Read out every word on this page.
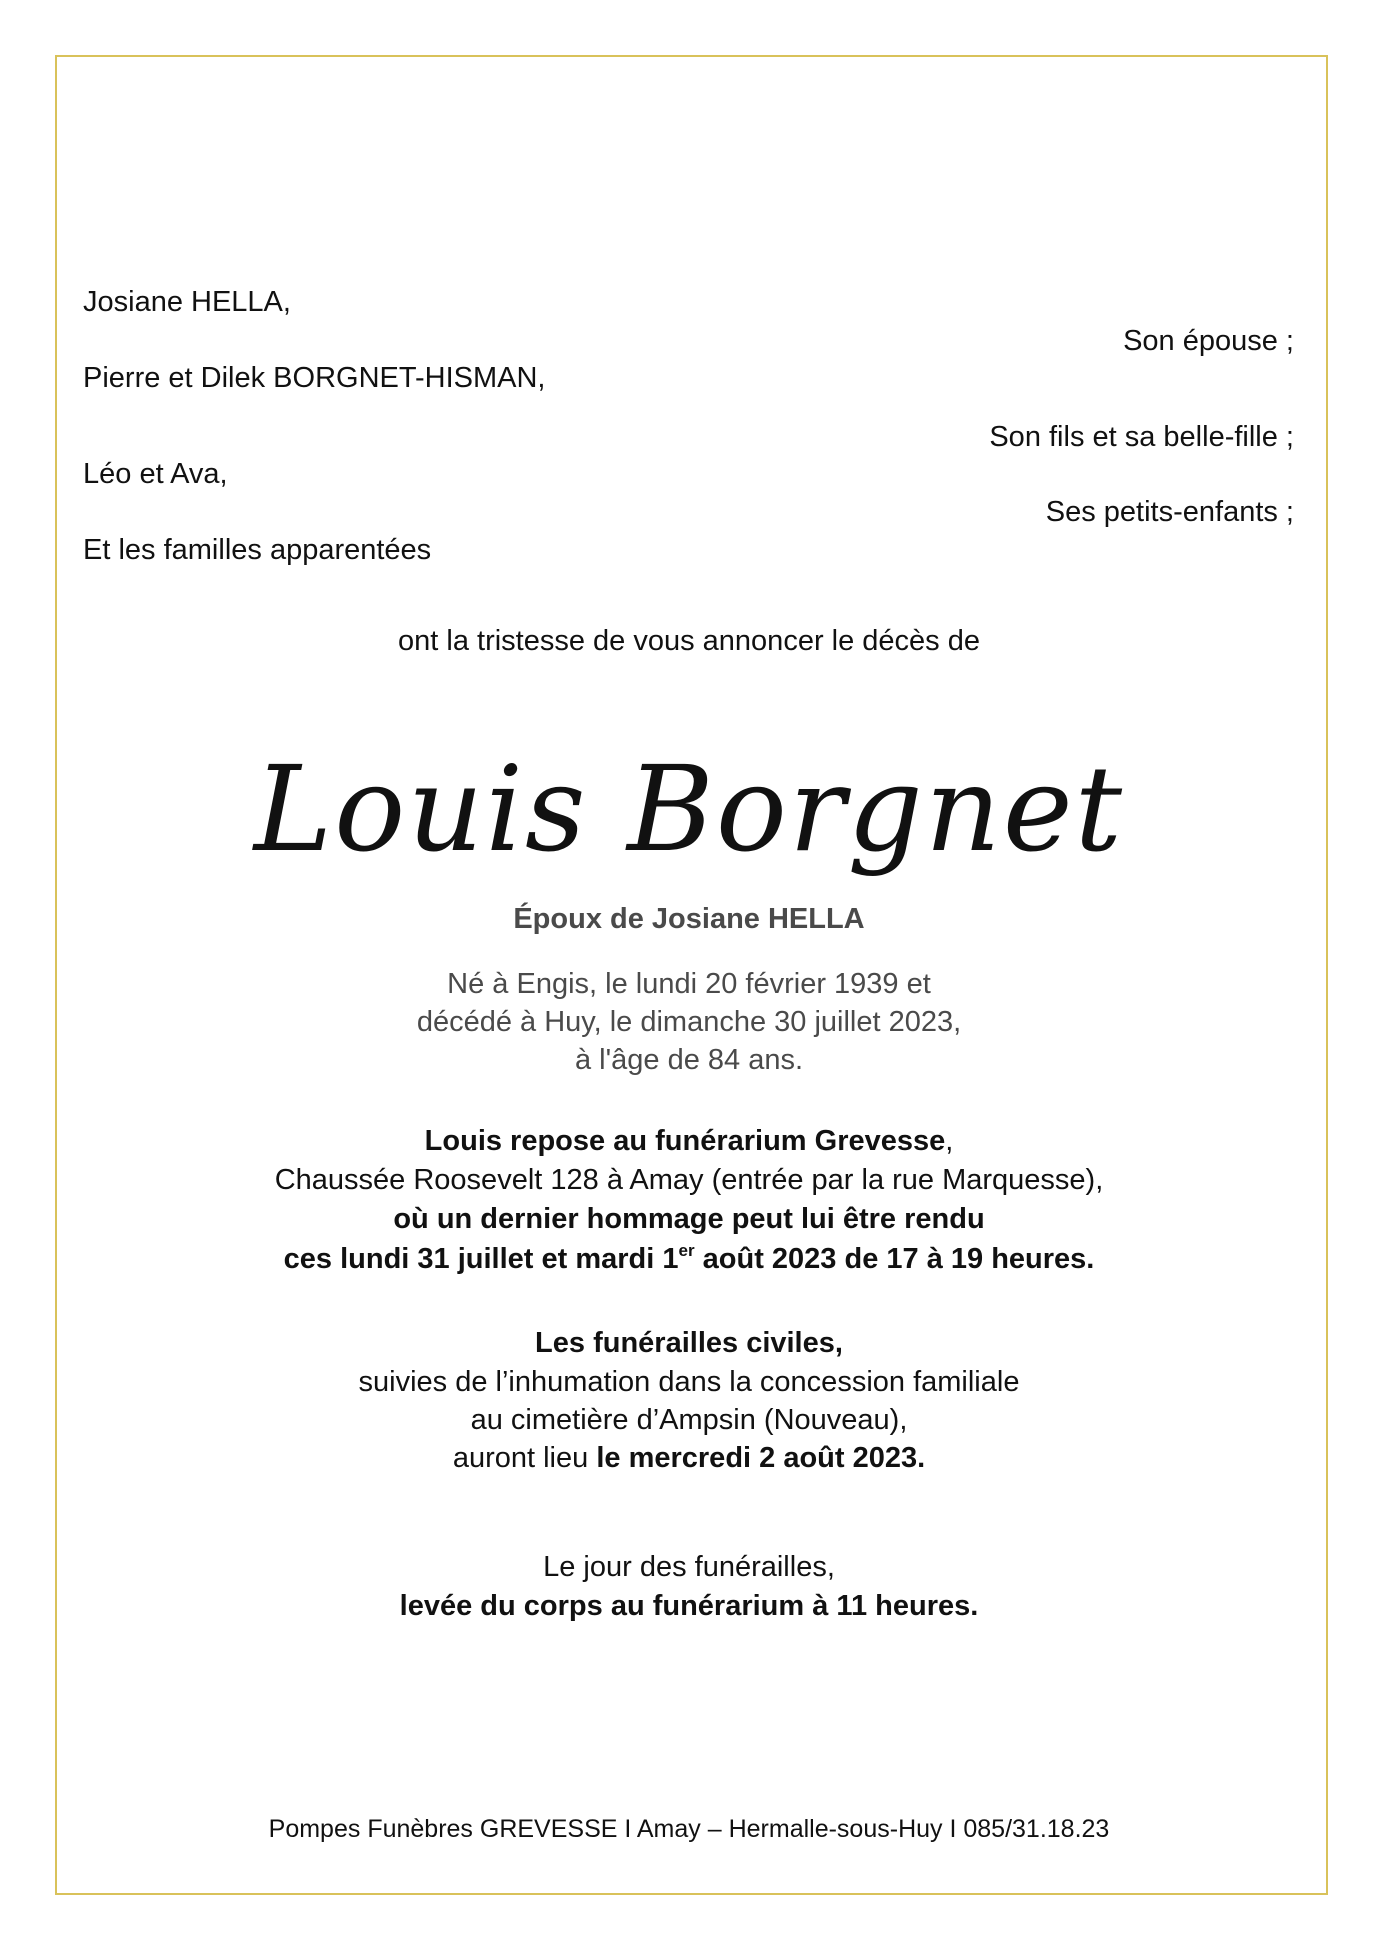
Josiane HELLA,
Pierre et Dilek BORGNET-HISMAN,
Léo et Ava,
Et les familles apparentées
Son épouse ;
Son fils et sa belle-fille ;
Ses petits-enfants ;
ont la tristesse de vous annoncer le décès de
Louis Borgnet
Époux de Josiane HELLA
Né à Engis, le lundi 20 février 1939 et
décédé à Huy, le dimanche 30 juillet 2023,
à l'âge de 84 ans.
Louis repose au funérarium Grevesse,
Chaussée Roosevelt 128 à Amay (entrée par la rue Marquesse),
où un dernier hommage peut lui être rendu
ces lundi 31 juillet et mardi 1er août 2023 de 17 à 19 heures.
Les funérailles civiles,
suivies de l’inhumation dans la concession familiale
au cimetière d’Ampsin (Nouveau),
auront lieu le mercredi 2 août 2023.
Le jour des funérailles,
levée du corps au funérarium à 11 heures.
Pompes Funèbres GREVESSE I Amay – Hermalle-sous-Huy I 085/31.18.23
